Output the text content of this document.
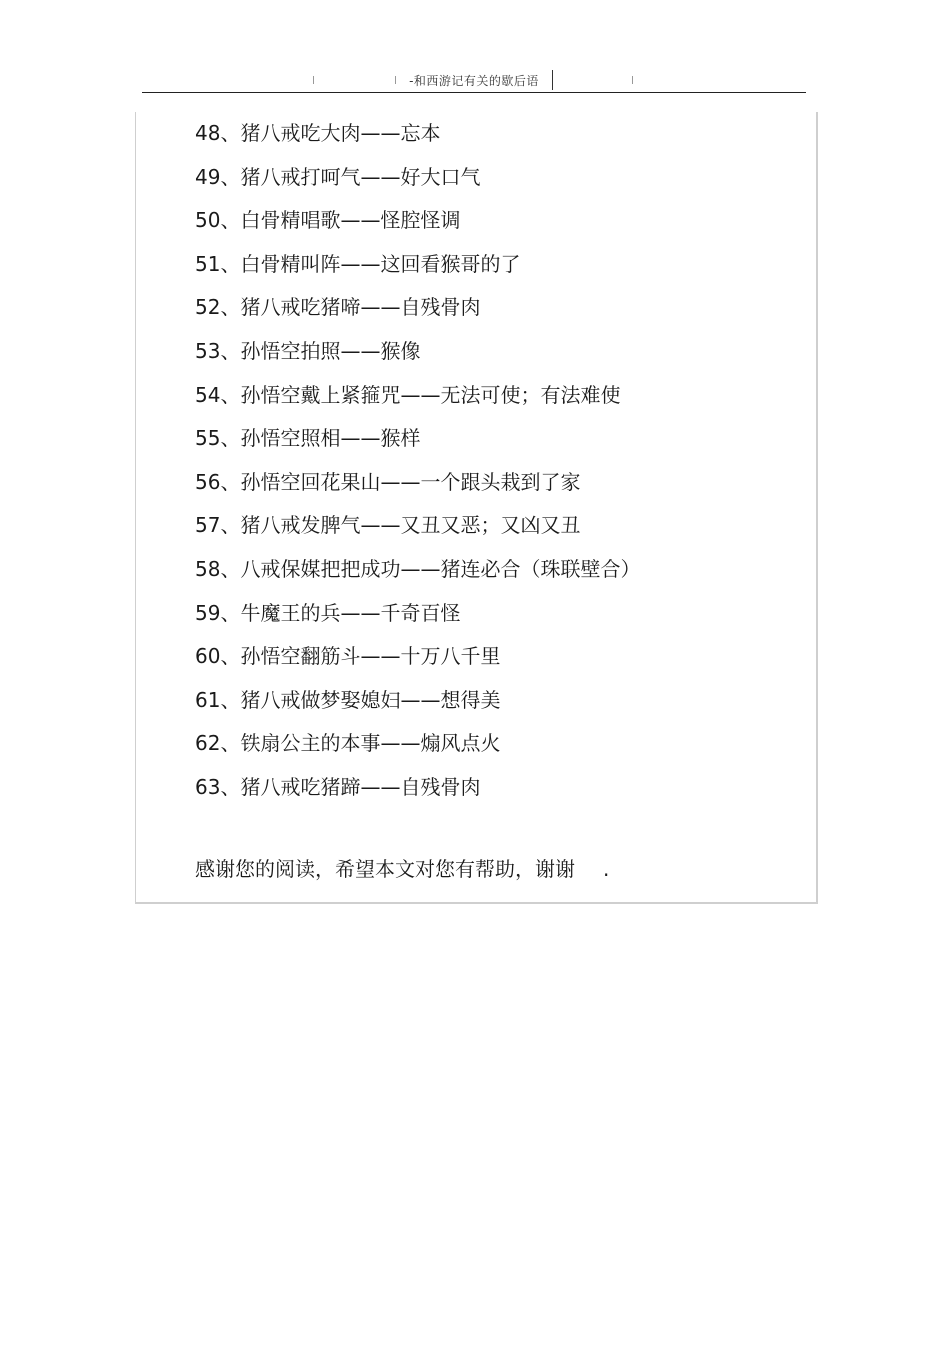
-和西游记有关的歇后语
48、猪八戒吃大肉——忘本
49、猪八戒打呵气——好大口气
50、白骨精唱歌——怪腔怪调
51、白骨精叫阵——这回看猴哥的了
52、猪八戒吃猪啼——自残骨肉
53、孙悟空拍照——猴像
54、孙悟空戴上紧箍咒——无法可使；有法难使
55、孙悟空照相——猴样
56、孙悟空回花果山——一个跟头栽到了家
57、猪八戒发脾气——又丑又恶；又凶又丑
58、八戒保媒把把成功——猪连必合（珠联壁合）
59、牛魔王的兵——千奇百怪
60、孙悟空翻筋斗——十万八千里
61、猪八戒做梦娶媳妇——想得美
62、铁扇公主的本事——煽风点火
63、猪八戒吃猪蹄——自残骨肉
感谢您的阅读，希望本文对您有帮助，谢谢 .
